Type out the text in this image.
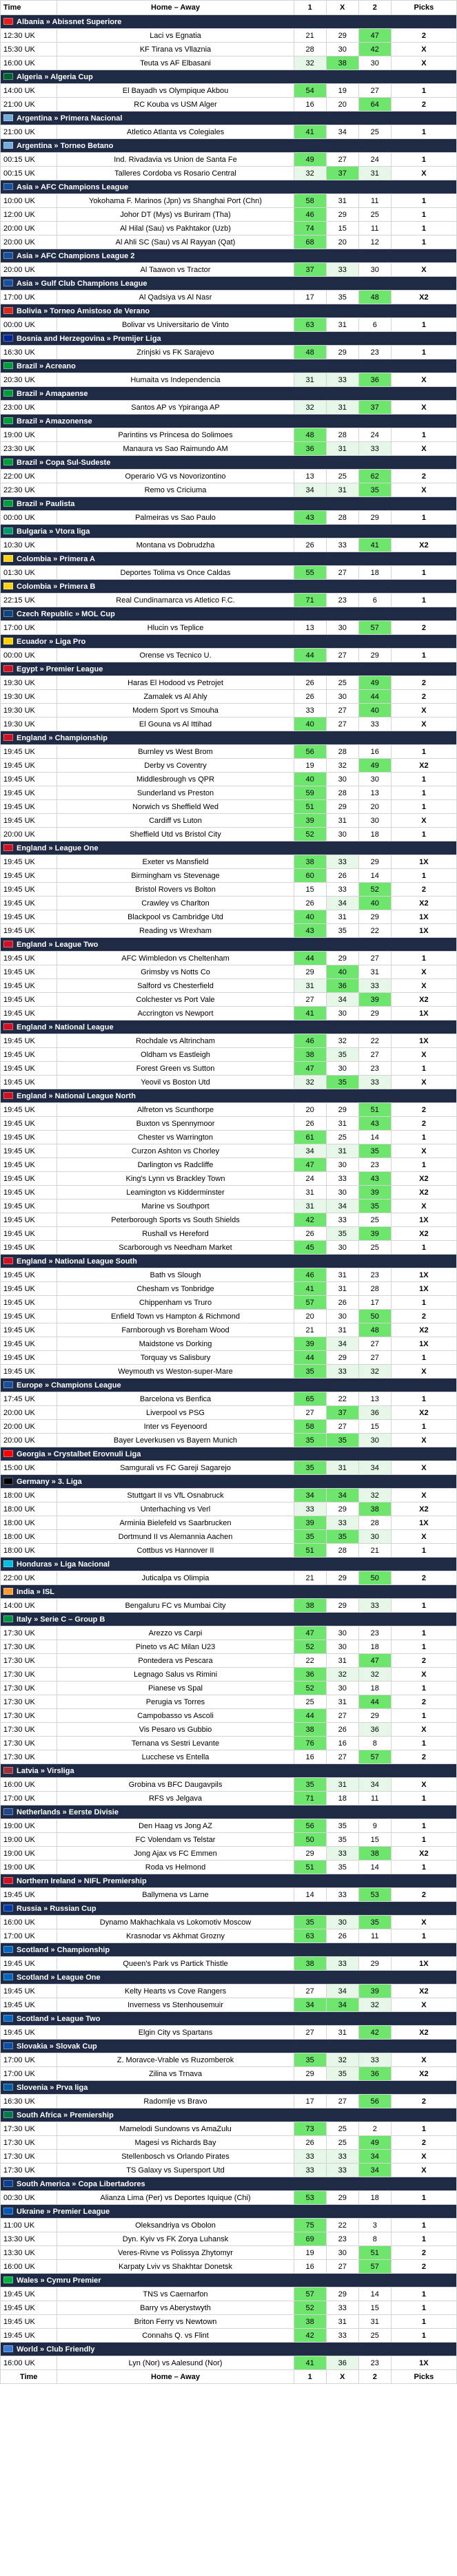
Time	Home – Away	1	X	2	Picks
Albania » Abissnet Superiore					
12:30 UK	Laci vs Egnatia	21	29	47	2
15:30 UK	KF Tirana vs Vllaznia	28	30	42	X
16:00 UK	Teuta vs AF Elbasani	32	38	30	X
Algeria » Algeria Cup					
14:00 UK	El Bayadh vs Olympique Akbou	54	19	27	1
21:00 UK	RC Kouba vs USM Alger	16	20	64	2
Argentina » Primera Nacional					
21:00 UK	Atletico Atlanta vs Colegiales	41	34	25	1
Argentina » Torneo Betano					
00:15 UK	Ind. Rivadavia vs Union de Santa Fe	49	27	24	1
00:15 UK	Talleres Cordoba vs Rosario Central	32	37	31	X
Asia » AFC Champions League					
10:00 UK	Yokohama F. Marinos (Jpn) vs Shanghai Port (Chn)	58	31	11	1
12:00 UK	Johor DT (Mys) vs Buriram (Tha)	46	29	25	1
20:00 UK	Al Hilal (Sau) vs Pakhtakor (Uzb)	74	15	11	1
20:00 UK	Al Ahli SC (Sau) vs Al Rayyan (Qat)	68	20	12	1
Asia » AFC Champions League 2					
20:00 UK	Al Taawon vs Tractor	37	33	30	X
Asia » Gulf Club Champions League					
17:00 UK	Al Qadsiya vs Al Nasr	17	35	48	X2
Bolivia » Torneo Amistoso de Verano					
00:00 UK	Bolivar vs Universitario de Vinto	63	31	6	1
Bosnia and Herzegovina » Premijer Liga					
16:30 UK	Zrinjski vs FK Sarajevo	48	29	23	1
Brazil » Acreano					
20:30 UK	Humaita vs Independencia	31	33	36	X
Brazil » Amapaense					
23:00 UK	Santos AP vs Ypiranga AP	32	31	37	X
Brazil » Amazonense					
19:00 UK	Parintins vs Princesa do Solimoes	48	28	24	1
23:30 UK	Manaura vs Sao Raimundo AM	36	31	33	X
Brazil » Copa Sul-Sudeste					
22:00 UK	Operario VG vs Novorizontino	13	25	62	2
22:30 UK	Remo vs Criciuma	34	31	35	X
Brazil » Paulista					
00:00 UK	Palmeiras vs Sao Paulo	43	28	29	1
Bulgaria » Vtora liga					
10:30 UK	Montana vs Dobrudzha	26	33	41	X2
Colombia » Primera A					
01:30 UK	Deportes Tolima vs Once Caldas	55	27	18	1
Colombia » Primera B					
22:15 UK	Real Cundinamarca vs Atletico F.C.	71	23	6	1
Czech Republic » MOL Cup					
17:00 UK	Hlucin vs Teplice	13	30	57	2
Ecuador » Liga Pro					
00:00 UK	Orense vs Tecnico U.	44	27	29	1
Egypt » Premier League					
19:30 UK	Haras El Hodood vs Petrojet	26	25	49	2
19:30 UK	Zamalek vs Al Ahly	26	30	44	2
19:30 UK	Modern Sport vs Smouha	33	27	40	X
19:30 UK	El Gouna vs Al Ittihad	40	27	33	X
England » Championship					
19:45 UK	Burnley vs West Brom	56	28	16	1
19:45 UK	Derby vs Coventry	19	32	49	X2
19:45 UK	Middlesbrough vs QPR	40	30	30	1
19:45 UK	Sunderland vs Preston	59	28	13	1
19:45 UK	Norwich vs Sheffield Wed	51	29	20	1
19:45 UK	Cardiff vs Luton	39	31	30	X
20:00 UK	Sheffield Utd vs Bristol City	52	30	18	1
England » League One					
19:45 UK	Exeter vs Mansfield	38	33	29	1X
19:45 UK	Birmingham vs Stevenage	60	26	14	1
19:45 UK	Bristol Rovers vs Bolton	15	33	52	2
19:45 UK	Crawley vs Charlton	26	34	40	X2
19:45 UK	Blackpool vs Cambridge Utd	40	31	29	1X
19:45 UK	Reading vs Wrexham	43	35	22	1X
England » League Two					
19:45 UK	AFC Wimbledon vs Cheltenham	44	29	27	1
19:45 UK	Grimsby vs Notts Co	29	40	31	X
19:45 UK	Salford vs Chesterfield	31	36	33	X
19:45 UK	Colchester vs Port Vale	27	34	39	X2
19:45 UK	Accrington vs Newport	41	30	29	1X
England » National League					
19:45 UK	Rochdale vs Altrincham	46	32	22	1X
19:45 UK	Oldham vs Eastleigh	38	35	27	X
19:45 UK	Forest Green vs Sutton	47	30	23	1
19:45 UK	Yeovil vs Boston Utd	32	35	33	X
England » National League North					
19:45 UK	Alfreton vs Scunthorpe	20	29	51	2
19:45 UK	Buxton vs Spennymoor	26	31	43	2
19:45 UK	Chester vs Warrington	61	25	14	1
19:45 UK	Curzon Ashton vs Chorley	34	31	35	X
19:45 UK	Darlington vs Radcliffe	47	30	23	1
19:45 UK	King's Lynn vs Brackley Town	24	33	43	X2
19:45 UK	Leamington vs Kidderminster	31	30	39	X2
19:45 UK	Marine vs Southport	31	34	35	X
19:45 UK	Peterborough Sports vs South Shields	42	33	25	1X
19:45 UK	Rushall vs Hereford	26	35	39	X2
19:45 UK	Scarborough vs Needham Market	45	30	25	1
England » National League South					
19:45 UK	Bath vs Slough	46	31	23	1X
19:45 UK	Chesham vs Tonbridge	41	31	28	1X
19:45 UK	Chippenham vs Truro	57	26	17	1
19:45 UK	Enfield Town vs Hampton & Richmond	20	30	50	2
19:45 UK	Farnborough vs Boreham Wood	21	31	48	X2
19:45 UK	Maidstone vs Dorking	39	34	27	1X
19:45 UK	Torquay vs Salisbury	44	29	27	1
19:45 UK	Weymouth vs Weston-super-Mare	35	33	32	X
Europe » Champions League					
17:45 UK	Barcelona vs Benfica	65	22	13	1
20:00 UK	Liverpool vs PSG	27	37	36	X2
20:00 UK	Inter vs Feyenoord	58	27	15	1
20:00 UK	Bayer Leverkusen vs Bayern Munich	35	35	30	X
Georgia » Crystalbet Erovnuli Liga					
15:00 UK	Samgurali vs FC Gareji Sagarejo	35	31	34	X
Germany » 3. Liga					
18:00 UK	Stuttgart II vs VfL Osnabruck	34	34	32	X
18:00 UK	Unterhaching vs Verl	33	29	38	X2
18:00 UK	Arminia Bielefeld vs Saarbrucken	39	33	28	1X
18:00 UK	Dortmund II vs Alemannia Aachen	35	35	30	X
18:00 UK	Cottbus vs Hannover II	51	28	21	1
Honduras » Liga Nacional					
22:00 UK	Juticalpa vs Olimpia	21	29	50	2
India » ISL					
14:00 UK	Bengaluru FC vs Mumbai City	38	29	33	1
Italy » Serie C – Group B					
17:30 UK	Arezzo vs Carpi	47	30	23	1
17:30 UK	Pineto vs AC Milan U23	52	30	18	1
17:30 UK	Pontedera vs Pescara	22	31	47	2
17:30 UK	Legnago Salus vs Rimini	36	32	32	X
17:30 UK	Pianese vs Spal	52	30	18	1
17:30 UK	Perugia vs Torres	25	31	44	2
17:30 UK	Campobasso vs Ascoli	44	27	29	1
17:30 UK	Vis Pesaro vs Gubbio	38	26	36	X
17:30 UK	Ternana vs Sestri Levante	76	16	8	1
17:30 UK	Lucchese vs Entella	16	27	57	2
Latvia » Virsliga					
16:00 UK	Grobina vs BFC Daugavpils	35	31	34	X
17:00 UK	RFS vs Jelgava	71	18	11	1
Netherlands » Eerste Divisie					
19:00 UK	Den Haag vs Jong AZ	56	35	9	1
19:00 UK	FC Volendam vs Telstar	50	35	15	1
19:00 UK	Jong Ajax vs FC Emmen	29	33	38	X2
19:00 UK	Roda vs Helmond	51	35	14	1
Northern Ireland » NIFL Premiership					
19:45 UK	Ballymena vs Larne	14	33	53	2
Russia » Russian Cup					
16:00 UK	Dynamo Makhachkala vs Lokomotiv Moscow	35	30	35	X
17:00 UK	Krasnodar vs Akhmat Grozny	63	26	11	1
Scotland » Championship					
19:45 UK	Queen's Park vs Partick Thistle	38	33	29	1X
Scotland » League One					
19:45 UK	Kelty Hearts vs Cove Rangers	27	34	39	X2
19:45 UK	Inverness vs Stenhousemuir	34	34	32	X
Scotland » League Two					
19:45 UK	Elgin City vs Spartans	27	31	42	X2
Slovakia » Slovak Cup					
17:00 UK	Z. Moravce-Vrable vs Ruzomberok	35	32	33	X
17:00 UK	Zilina vs Trnava	29	35	36	X2
Slovenia » Prva liga					
16:30 UK	Radomlje vs Bravo	17	27	56	2
South Africa » Premiership					
17:30 UK	Mamelodi Sundowns vs AmaZulu	73	25	2	1
17:30 UK	Magesi vs Richards Bay	26	25	49	2
17:30 UK	Stellenbosch vs Orlando Pirates	33	33	34	X
17:30 UK	TS Galaxy vs Supersport Utd	33	33	34	X
South America » Copa Libertadores					
00:30 UK	Alianza Lima (Per) vs Deportes Iquique (Chi)	53	29	18	1
Ukraine » Premier League					
11:00 UK	Oleksandriya vs Obolon	75	22	3	1
13:30 UK	Dyn. Kyiv vs FK Zorya Luhansk	69	23	8	1
13:30 UK	Veres-Rivne vs Polissya Zhytomyr	19	30	51	2
16:00 UK	Karpaty Lviv vs Shakhtar Donetsk	16	27	57	2
Wales » Cymru Premier					
19:45 UK	TNS vs Caernarfon	57	29	14	1
19:45 UK	Barry vs Aberystwyth	52	33	15	1
19:45 UK	Briton Ferry vs Newtown	38	31	31	1
19:45 UK	Connahs Q. vs Flint	42	33	25	1
World » Club Friendly					
16:00 UK	Lyn (Nor) vs Aalesund (Nor)	41	36	23	1X
Time	Home – Away	1	X	2	Picks
